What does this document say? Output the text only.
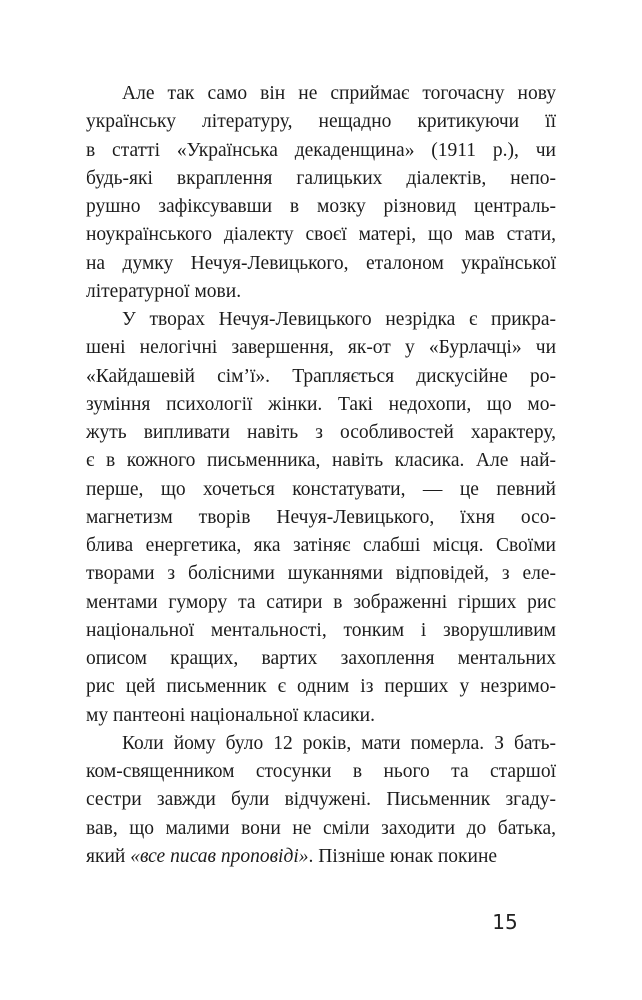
Але так само він не сприймає тогочасну нову
українську літературу, нещадно критикуючи її
в статті «Українська декаденщина» (1911 р.), чи
будь-які вкраплення галицьких діалектів, непо-
рушно зафіксувавши в мозку різновид централь-
ноукраїнського діалекту своєї матері, що мав стати,
на думку Нечуя-Левицького, еталоном української
літературної мови.
У творах Нечуя-Левицького незрідка є прикра-
шені нелогічні завершення, як-от у «Бурлачці» чи
«Кайдашевій сім’ї». Трапляється дискусійне ро-
зуміння психології жінки. Такі недохопи, що мо-
жуть випливати навіть з особливостей характеру,
є в кожного письменника, навіть класика. Але най-
перше, що хочеться констатувати, — це певний
магнетизм творів Нечуя-Левицького, їхня осо-
блива енергетика, яка затіняє слабші місця. Своїми
творами з болісними шуканнями відповідей, з еле-
ментами гумору та сатири в зображенні гірших рис
національної ментальності, тонким і зворушливим
описом кращих, вартих захоплення ментальних
рис цей письменник є одним із перших у незримо-
му пантеоні національної класики.
Коли йому було 12 років, мати померла. З бать-
ком-священником стосунки в нього та старшої
сестри завжди були відчужені. Письменник згаду-
вав, що малими вони не сміли заходити до батька,
який «все писав проповіді». Пізніше юнак покине
15
